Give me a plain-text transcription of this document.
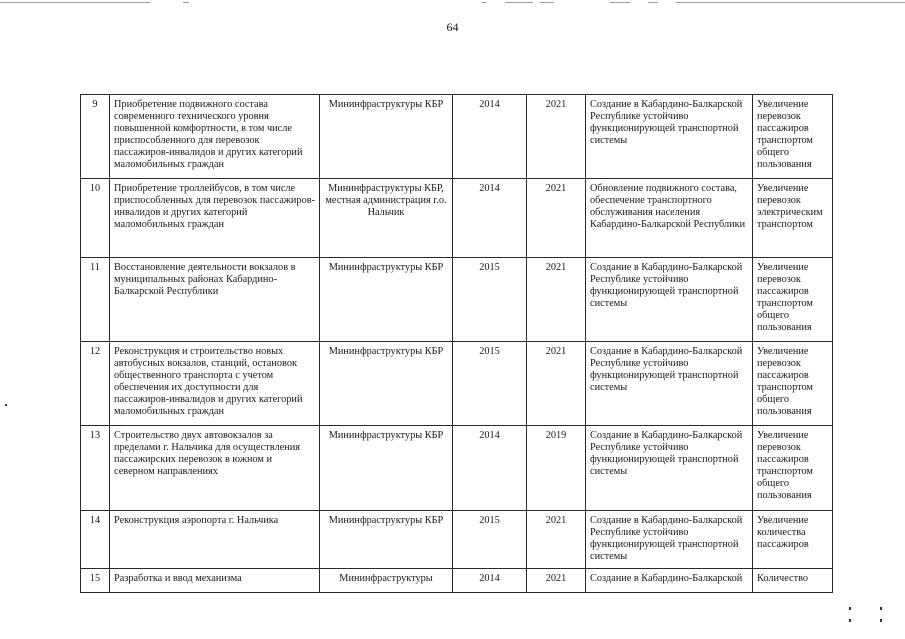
64
9	Приобретение подвижного состава современного технического уровня повышенной комфортности, в том числе приспособленного для перевозок пассажиров-инвалидов и других категорий маломобильных граждан	Мининфраструктуры КБР	2014	2021	Создание в Кабардино-Балкарской Республике устойчиво функционирующей транспортной системы	Увеличение перевозок пассажиров транспортом общего пользования
10	Приобретение троллейбусов, в том числе приспособленных для перевозок пассажиров-инвалидов и других категорий маломобильных граждан	Мининфраструктуры КБР, местная администрация г.о. Нальчик	2014	2021	Обновление подвижного состава, обеспечение транспортного обслуживания населения Кабардино-Балкарской Республики	Увеличение перевозок электрическим транспортом
11	Восстановление деятельности вокзалов в муниципальных районах Кабардино-Балкарской Республики	Мининфраструктуры КБР	2015	2021	Создание в Кабардино-Балкарской Республике устойчиво функционирующей транспортной системы	Увеличение перевозок пассажиров транспортом общего пользования
12	Реконструкция и строительство новых автобусных вокзалов, станций, остановок общественного транспорта с учетом обеспечения их доступности для пассажиров-инвалидов и других категорий маломобильных граждан	Мининфраструктуры КБР	2015	2021	Создание в Кабардино-Балкарской Республике устойчиво функционирующей транспортной системы	Увеличение перевозок пассажиров транспортом общего пользования
13	Строительство двух автовокзалов за пределами г. Нальчика для осуществления пассажирских перевозок в южном и северном направлениях	Мининфраструктуры КБР	2014	2019	Создание в Кабардино-Балкарской Республике устойчиво функционирующей транспортной системы	Увеличение перевозок пассажиров транспортом общего пользования
14	Реконструкция аэропорта г. Нальчика	Мининфраструктуры КБР	2015	2021	Создание в Кабардино-Балкарской Республике устойчиво функционирующей транспортной системы	Увеличение количества пассажиров
15	Разработка и ввод механизма	Мининфраструктуры	2014	2021	Создание в Кабардино-Балкарской	Количество
